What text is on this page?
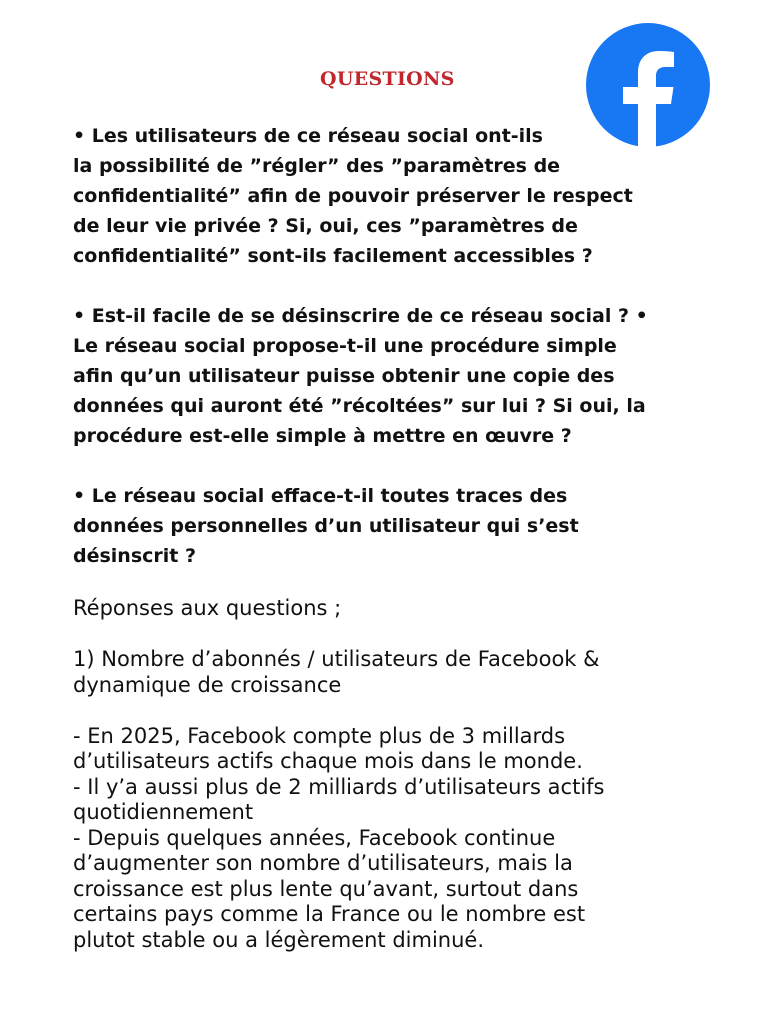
QUESTIONS

• Les utilisateurs de ce réseau social ont-ils
la possibilité de ”régler” des ”paramètres de
confidentialité” afin de pouvoir préserver le respect
de leur vie privée ? Si, oui, ces ”paramètres de
confidentialité” sont-ils facilement accessibles ?

• Est-il facile de se désinscrire de ce réseau social ? •
Le réseau social propose-t-il une procédure simple
afin qu’un utilisateur puisse obtenir une copie des
données qui auront été ”récoltées” sur lui ? Si oui, la
procédure est-elle simple à mettre en œuvre ?

• Le réseau social efface-t-il toutes traces des
données personnelles d’un utilisateur qui s’est
désinscrit ?

Réponses aux questions ;

1) Nombre d’abonnés / utilisateurs de Facebook &
dynamique de croissance

- En 2025, Facebook compte plus de 3 millards
d’utilisateurs actifs chaque mois dans le monde.

- Il y’a aussi plus de 2 milliards d’utilisateurs actifs
quotidiennement

- Depuis quelques années, Facebook continue
d’augmenter son nombre d’utilisateurs, mais la
croissance est plus lente qu’avant, surtout dans
certains pays comme la France ou le nombre est
plutot stable ou a légèrement diminué.
